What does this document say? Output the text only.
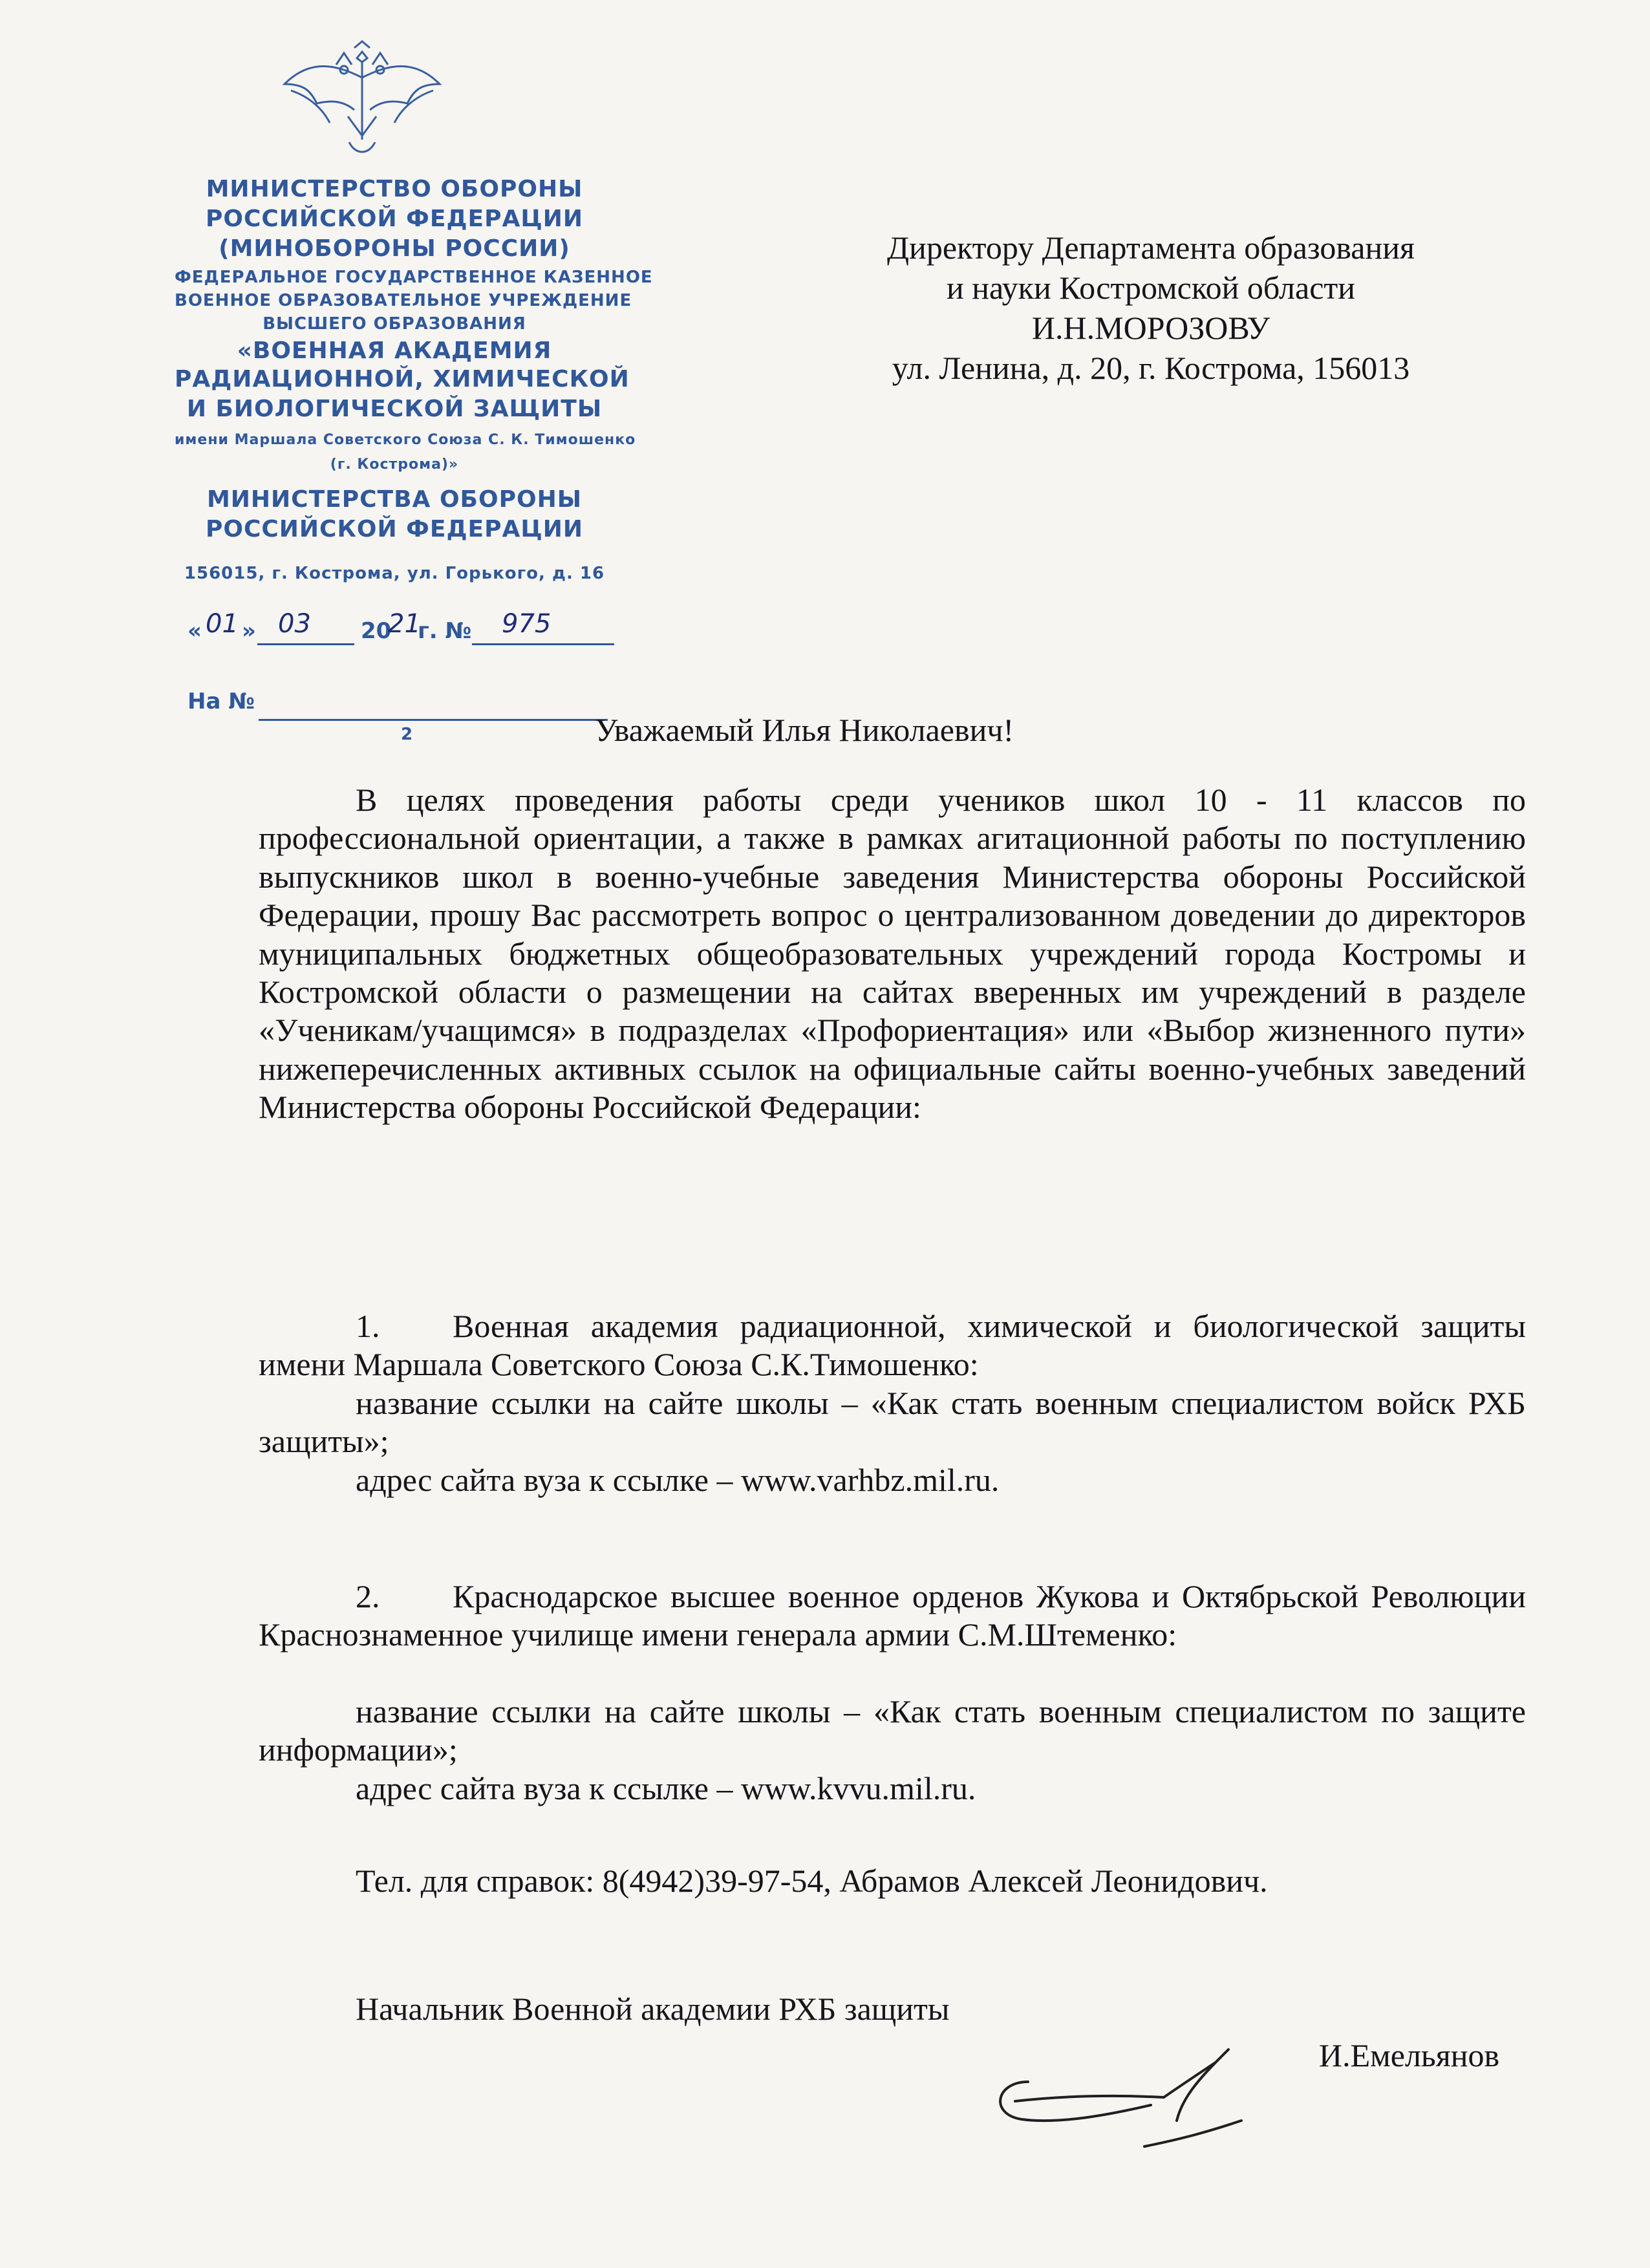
МИНИСТЕРСТВО ОБОРОНЫ
РОССИЙСКОЙ ФЕДЕРАЦИИ
(МИНОБОРОНЫ РОССИИ)
ФЕДЕРАЛЬНОЕ ГОСУДАРСТВЕННОЕ КАЗЕННОЕ
ВОЕННОЕ ОБРАЗОВАТЕЛЬНОЕ УЧРЕЖДЕНИЕ
ВЫСШЕГО ОБРАЗОВАНИЯ
«ВОЕННАЯ АКАДЕМИЯ
РАДИАЦИОННОЙ, ХИМИЧЕСКОЙ
И БИОЛОГИЧЕСКОЙ ЗАЩИТЫ
имени Маршала Советского Союза С. К. Тимошенко
(г. Кострома)»
МИНИСТЕРСТВА ОБОРОНЫ
РОССИЙСКОЙ ФЕДЕРАЦИИ
156015, г. Кострома, ул. Горького, д. 16
« 01 » 03 20
21
г. № 975
На №
2
Директору Департамента образования
и науки Костромской области
И.Н.МОРОЗОВУ
ул. Ленина, д. 20, г. Кострома, 156013
Уважаемый Илья Николаевич!
В целях проведения работы среди учеников школ 10 - 11 классов по профессиональной ориентации, а также в рамках агитационной работы по поступлению выпускников школ в военно-учебные заведения Министерства обороны Российской Федерации, прошу Вас рассмотреть вопрос о централизованном доведении до директоров муниципальных бюджетных общеобразовательных учреждений города Костромы и Костромской области о размещении на сайтах вверенных им учреждений в разделе «Ученикам/учащимся» в подразделах «Профориентация» или «Выбор жизненного пути» нижеперечисленных активных ссылок на официальные сайты военно-учебных заведений Министерства обороны Российской Федерации:
1. Военная академия радиационной, химической и биологической защиты имени Маршала Советского Союза С.К.Тимошенко:
название ссылки на сайте школы – «Как стать военным специалистом войск РХБ защиты»;
адрес сайта вуза к ссылке – www.varhbz.mil.ru.
2. Краснодарское высшее военное орденов Жукова и Октябрьской Революции Краснознаменное училище имени генерала армии С.М.Штеменко:
название ссылки на сайте школы – «Как стать военным специалистом по защите информации»;
адрес сайта вуза к ссылке – www.kvvu.mil.ru.
Тел. для справок: 8(4942)39-97-54, Абрамов Алексей Леонидович.
Начальник Военной академии РХБ защиты
И.Емельянов
